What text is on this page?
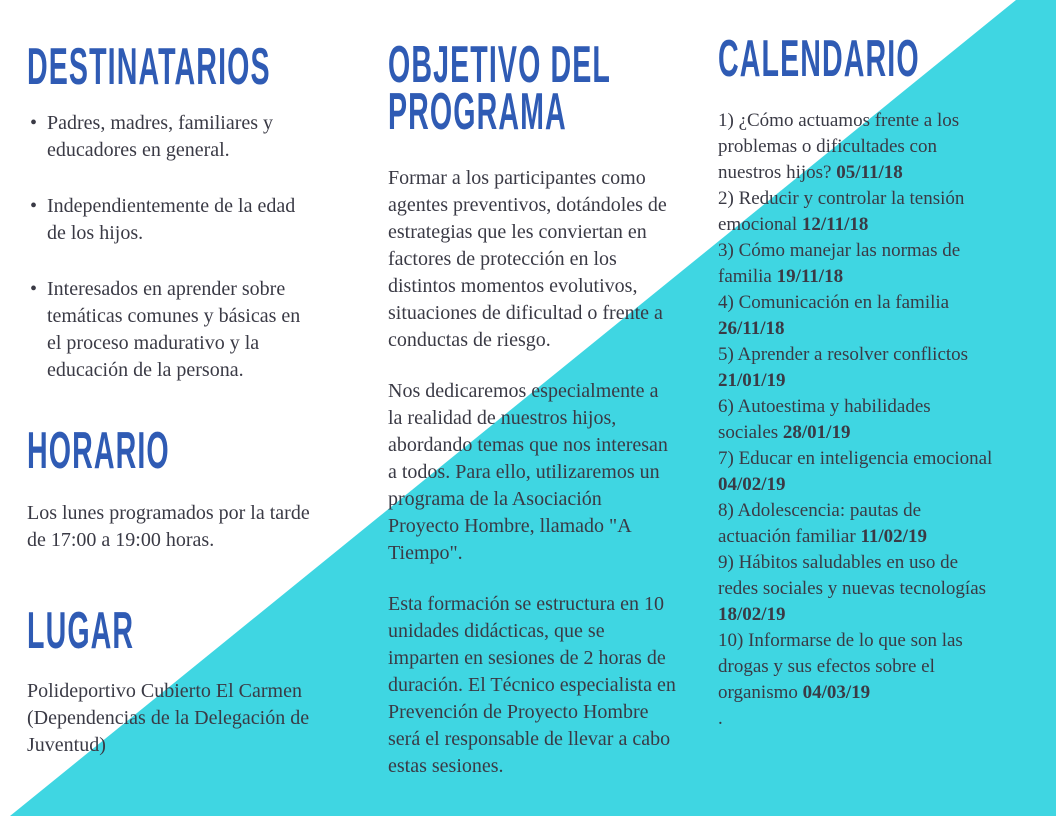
DESTINATARIOS
• Padres, madres, familiares y
educadores en general.
• Independientemente de la edad
de los hijos.
• Interesados en aprender sobre
temáticas comunes y básicas en
el proceso madurativo y la
educación de la persona.
HORARIO
Los lunes programados por la tarde
de 17:00 a 19:00 horas.
LUGAR
Polideportivo Cubierto El Carmen
(Dependencias de la Delegación de
Juventud)
OBJETIVO DEL
PROGRAMA

Formar a los participantes como
agentes preventivos, dotándoles de
estrategias que les conviertan en
factores de protección en los
distintos momentos evolutivos,
situaciones de dificultad o frente a
conductas de riesgo.

Nos dedicaremos especialmente a
la realidad de nuestros hijos,
abordando temas que nos interesan
a todos. Para ello, utilizaremos un
programa de la Asociación
Proyecto Hombre, llamado "A
Tiempo".

Esta formación se estructura en 10
unidades didácticas, que se
imparten en sesiones de 2 horas de
duración. El Técnico especialista en
Prevención de Proyecto Hombre
será el responsable de llevar a cabo
estas sesiones.

CALENDARIO
1) ¿Cómo actuamos frente a los
problemas o dificultades con
nuestros hijos? 05/11/18
2) Reducir y controlar la tensión
emocional 12/11/18
3) Cómo manejar las normas de
familia 19/11/18
4) Comunicación en la familia
26/11/18
5) Aprender a resolver conflictos
21/01/19
6) Autoestima y habilidades
sociales 28/01/19
7) Educar en inteligencia emocional
04/02/19
8) Adolescencia: pautas de
actuación familiar 11/02/19
9) Hábitos saludables en uso de
redes sociales y nuevas tecnologías
18/02/19
10) Informarse de lo que son las
drogas y sus efectos sobre el
organismo 04/03/19
.
